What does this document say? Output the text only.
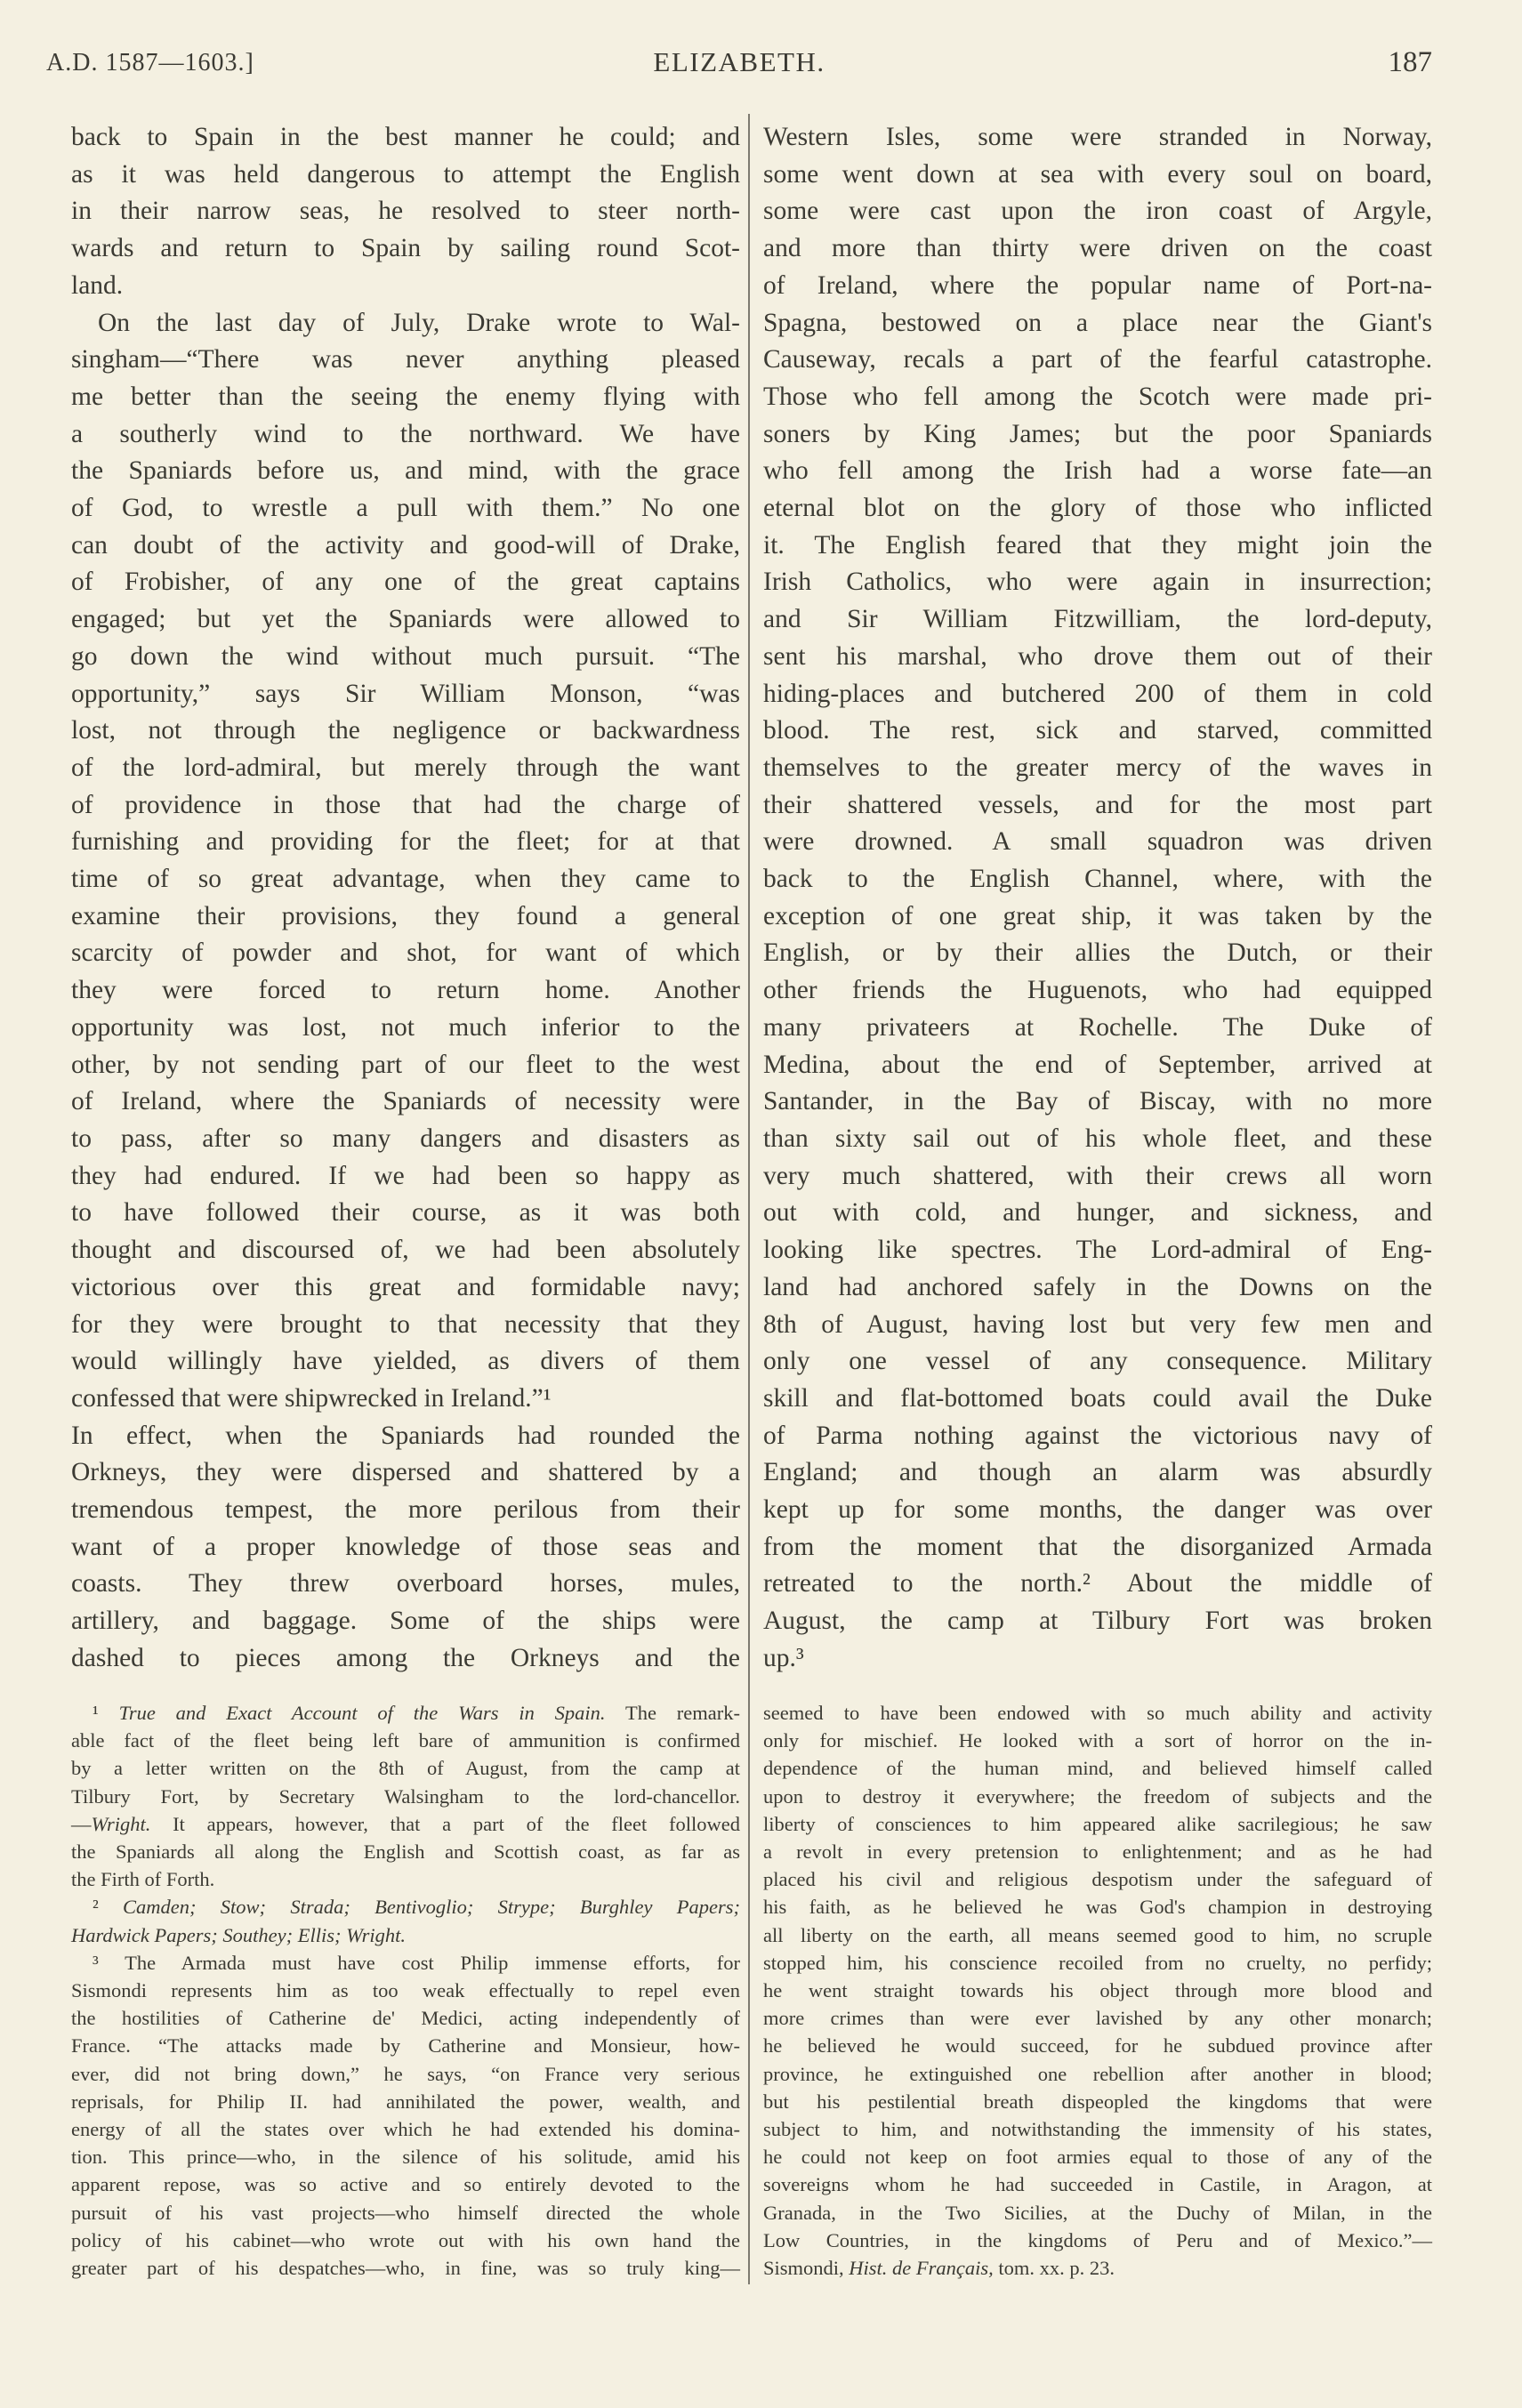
A.D. 1587—1603.]	ELIZABETH.	187
back to Spain in the best manner he could; and
as it was held dangerous to attempt the English
in their narrow seas, he resolved to steer north-
wards and return to Spain by sailing round Scot-
land.
On the last day of July, Drake wrote to Wal-
singham—“There was never anything pleased
me better than the seeing the enemy flying with
a southerly wind to the northward. We have
the Spaniards before us, and mind, with the grace
of God, to wrestle a pull with them.” No one
can doubt of the activity and good-will of Drake,
of Frobisher, of any one of the great captains
engaged; but yet the Spaniards were allowed to
go down the wind without much pursuit. “The
opportunity,” says Sir William Monson, “was
lost, not through the negligence or backwardness
of the lord-admiral, but merely through the want
of providence in those that had the charge of
furnishing and providing for the fleet; for at that
time of so great advantage, when they came to
examine their provisions, they found a general
scarcity of powder and shot, for want of which
they were forced to return home. Another
opportunity was lost, not much inferior to the
other, by not sending part of our fleet to the west
of Ireland, where the Spaniards of necessity were
to pass, after so many dangers and disasters as
they had endured. If we had been so happy as
to have followed their course, as it was both
thought and discoursed of, we had been absolutely
victorious over this great and formidable navy;
for they were brought to that necessity that they
would willingly have yielded, as divers of them
confessed that were shipwrecked in Ireland.”¹
In effect, when the Spaniards had rounded the
Orkneys, they were dispersed and shattered by a
tremendous tempest, the more perilous from their
want of a proper knowledge of those seas and
coasts. They threw overboard horses, mules,
artillery, and baggage. Some of the ships were
dashed to pieces among the Orkneys and the
Western Isles, some were stranded in Norway,
some went down at sea with every soul on board,
some were cast upon the iron coast of Argyle,
and more than thirty were driven on the coast
of Ireland, where the popular name of Port-na-
Spagna, bestowed on a place near the Giant's
Causeway, recals a part of the fearful catastrophe.
Those who fell among the Scotch were made pri-
soners by King James; but the poor Spaniards
who fell among the Irish had a worse fate—an
eternal blot on the glory of those who inflicted
it. The English feared that they might join the
Irish Catholics, who were again in insurrection;
and Sir William Fitzwilliam, the lord-deputy,
sent his marshal, who drove them out of their
hiding-places and butchered 200 of them in cold
blood. The rest, sick and starved, committed
themselves to the greater mercy of the waves in
their shattered vessels, and for the most part
were drowned. A small squadron was driven
back to the English Channel, where, with the
exception of one great ship, it was taken by the
English, or by their allies the Dutch, or their
other friends the Huguenots, who had equipped
many privateers at Rochelle. The Duke of
Medina, about the end of September, arrived at
Santander, in the Bay of Biscay, with no more
than sixty sail out of his whole fleet, and these
very much shattered, with their crews all worn
out with cold, and hunger, and sickness, and
looking like spectres. The Lord-admiral of Eng-
land had anchored safely in the Downs on the
8th of August, having lost but very few men and
only one vessel of any consequence. Military
skill and flat-bottomed boats could avail the Duke
of Parma nothing against the victorious navy of
England; and though an alarm was absurdly
kept up for some months, the danger was over
from the moment that the disorganized Armada
retreated to the north.² About the middle of
August, the camp at Tilbury Fort was broken
up.³
¹ True and Exact Account of the Wars in Spain. The remark-
able fact of the fleet being left bare of ammunition is confirmed
by a letter written on the 8th of August, from the camp at
Tilbury Fort, by Secretary Walsingham to the lord-chancellor.
—Wright. It appears, however, that a part of the fleet followed
the Spaniards all along the English and Scottish coast, as far as
the Firth of Forth.
² Camden; Stow; Strada; Bentivoglio; Strype; Burghley Papers;
Hardwick Papers; Southey; Ellis; Wright.
³ The Armada must have cost Philip immense efforts, for
Sismondi represents him as too weak effectually to repel even
the hostilities of Catherine de' Medici, acting independently of
France. “The attacks made by Catherine and Monsieur, how-
ever, did not bring down,” he says, “on France very serious
reprisals, for Philip II. had annihilated the power, wealth, and
energy of all the states over which he had extended his domina-
tion. This prince—who, in the silence of his solitude, amid his
apparent repose, was so active and so entirely devoted to the
pursuit of his vast projects—who himself directed the whole
policy of his cabinet—who wrote out with his own hand the
greater part of his despatches—who, in fine, was so truly king—
seemed to have been endowed with so much ability and activity
only for mischief. He looked with a sort of horror on the in-
dependence of the human mind, and believed himself called
upon to destroy it everywhere; the freedom of subjects and the
liberty of consciences to him appeared alike sacrilegious; he saw
a revolt in every pretension to enlightenment; and as he had
placed his civil and religious despotism under the safeguard of
his faith, as he believed he was God's champion in destroying
all liberty on the earth, all means seemed good to him, no scruple
stopped him, his conscience recoiled from no cruelty, no perfidy;
he went straight towards his object through more blood and
more crimes than were ever lavished by any other monarch;
he believed he would succeed, for he subdued province after
province, he extinguished one rebellion after another in blood;
but his pestilential breath dispeopled the kingdoms that were
subject to him, and notwithstanding the immensity of his states,
he could not keep on foot armies equal to those of any of the
sovereigns whom he had succeeded in Castile, in Aragon, at
Granada, in the Two Sicilies, at the Duchy of Milan, in the
Low Countries, in the kingdoms of Peru and of Mexico.”—
Sismondi, Hist. de Français, tom. xx. p. 23.
